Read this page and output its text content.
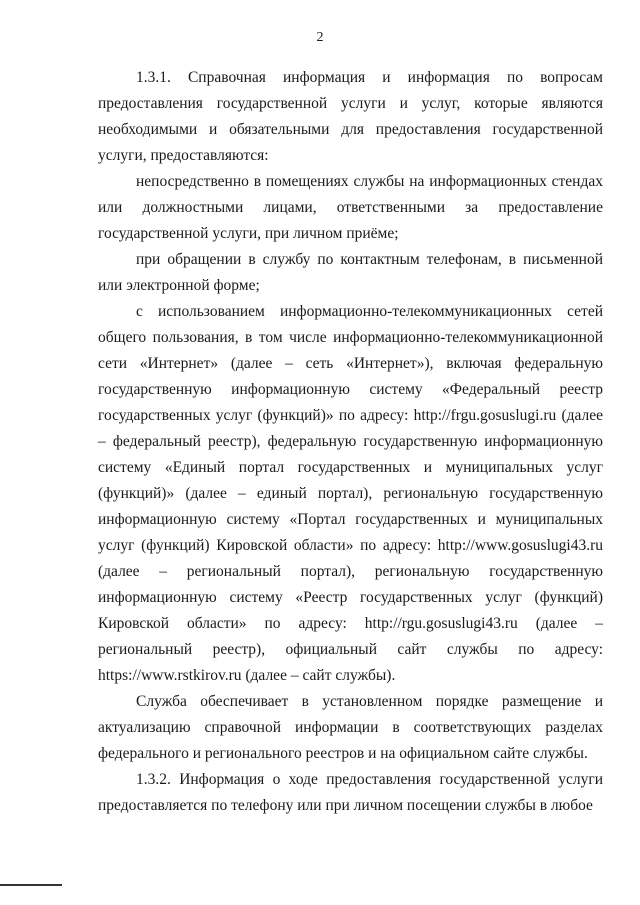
2

1.3.1. Справочная информация и информация по вопросам предоставления государственной услуги и услуг, которые являются необходимыми и обязательными для предоставления государственной услуги, предоставляются:

непосредственно в помещениях службы на информационных стендах или должностными лицами, ответственными за предоставление государственной услуги, при личном приёме;

при обращении в службу по контактным телефонам, в письменной или электронной форме;

с использованием информационно-телекоммуникационных сетей общего пользования, в том числе информационно-телекоммуникационной сети «Интернет» (далее – сеть «Интернет»), включая федеральную государственную информационную систему «Федеральный реестр государственных услуг (функций)» по адресу: http://frgu.gosuslugi.ru (далее – федеральный реестр), федеральную государственную информационную систему «Единый портал государственных и муниципальных услуг (функций)» (далее – единый портал), региональную государственную информационную систему «Портал государственных и муниципальных услуг (функций) Кировской области» по адресу: http://www.gosuslugi43.ru (далее – региональный портал), региональную государственную информационную систему «Реестр государственных услуг (функций) Кировской области» по адресу: http://rgu.gosuslugi43.ru (далее – региональный реестр), официальный сайт службы по адресу: https://www.rstkirov.ru (далее – сайт службы).

Служба обеспечивает в установленном порядке размещение и актуализацию справочной информации в соответствующих разделах федерального и регионального реестров и на официальном сайте службы.

1.3.2. Информация о ходе предоставления государственной услуги предоставляется по телефону или при личном посещении службы в любое
